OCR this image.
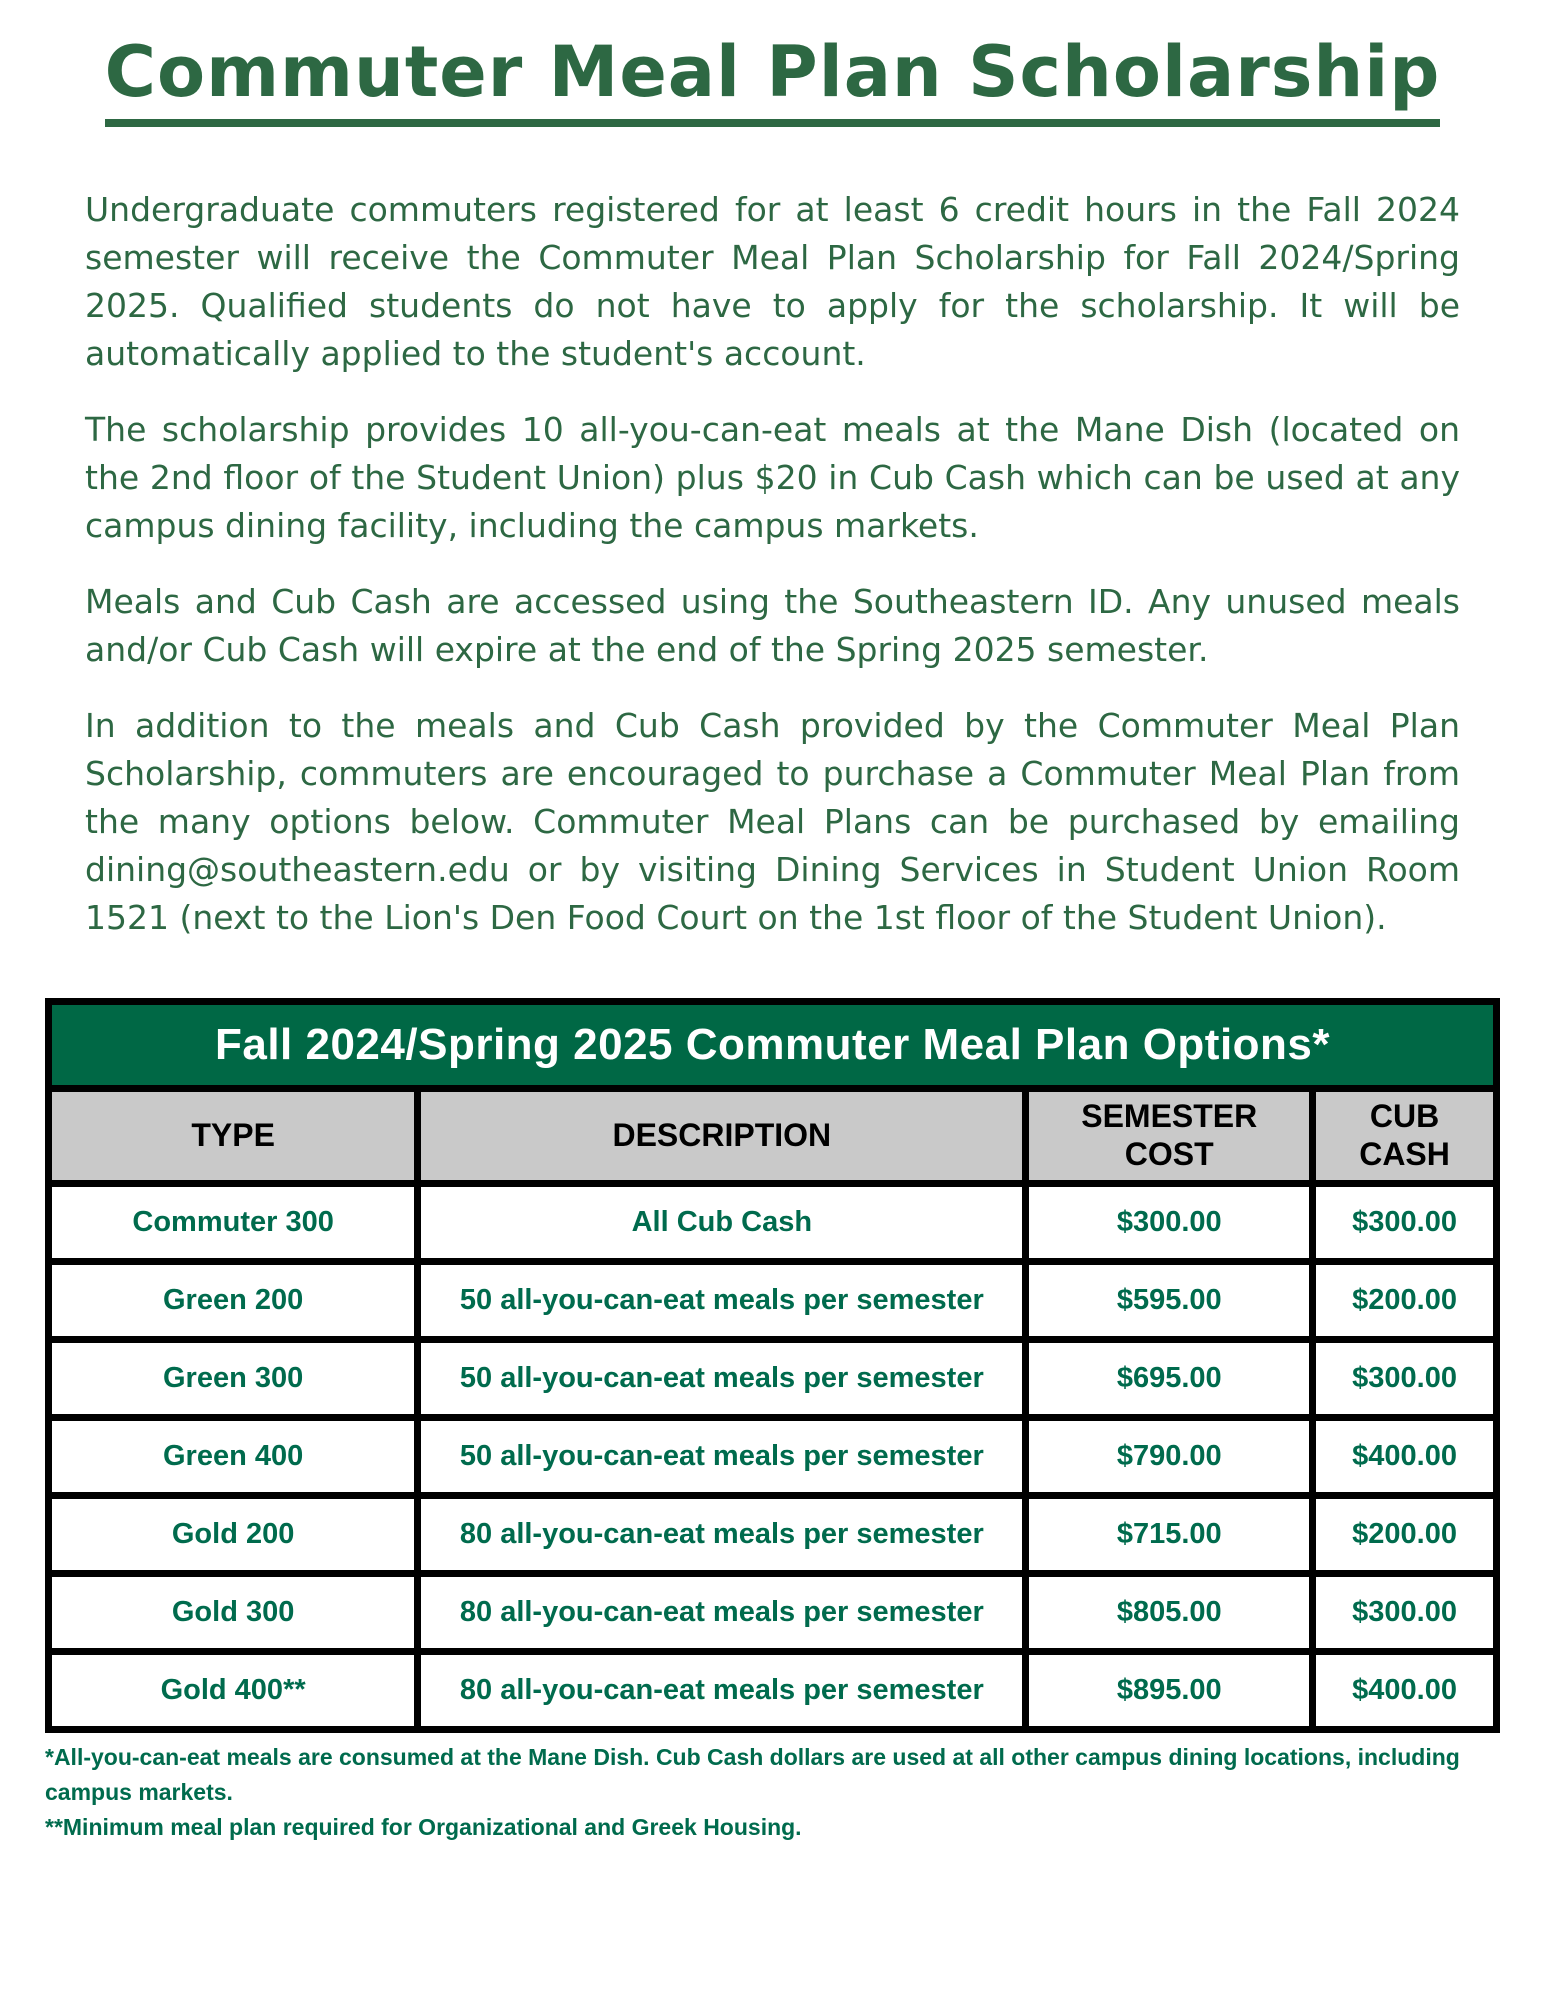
Commuter Meal Plan Scholarship

Undergraduate commuters registered for at least 6 credit hours in the Fall 2024 semester will receive the Commuter Meal Plan Scholarship for Fall 2024/Spring 2025. Qualified students do not have to apply for the scholarship. It will be automatically applied to the student's account.

The scholarship provides 10 all-you-can-eat meals at the Mane Dish (located on the 2nd floor of the Student Union) plus $20 in Cub Cash which can be used at any campus dining facility, including the campus markets.

Meals and Cub Cash are accessed using the Southeastern ID. Any unused meals and/or Cub Cash will expire at the end of the Spring 2025 semester.

In addition to the meals and Cub Cash provided by the Commuter Meal Plan Scholarship, commuters are encouraged to purchase a Commuter Meal Plan from the many options below. Commuter Meal Plans can be purchased by emailing dining@southeastern.edu or by visiting Dining Services in Student Union Room 1521 (next to the Lion's Den Food Court on the 1st floor of the Student Union).

Fall 2024/Spring 2025 Commuter Meal Plan Options*			
TYPE	DESCRIPTION	SEMESTER COST	CUB CASH
Commuter 300	All Cub Cash	$300.00	$300.00
Green 200	50 all-you-can-eat meals per semester	$595.00	$200.00
Green 300	50 all-you-can-eat meals per semester	$695.00	$300.00
Green 400	50 all-you-can-eat meals per semester	$790.00	$400.00
Gold 200	80 all-you-can-eat meals per semester	$715.00	$200.00
Gold 300	80 all-you-can-eat meals per semester	$805.00	$300.00
Gold 400**	80 all-you-can-eat meals per semester	$895.00	$400.00
*All-you-can-eat meals are consumed at the Mane Dish. Cub Cash dollars are used at all other campus dining locations, including campus markets.
**Minimum meal plan required for Organizational and Greek Housing.
